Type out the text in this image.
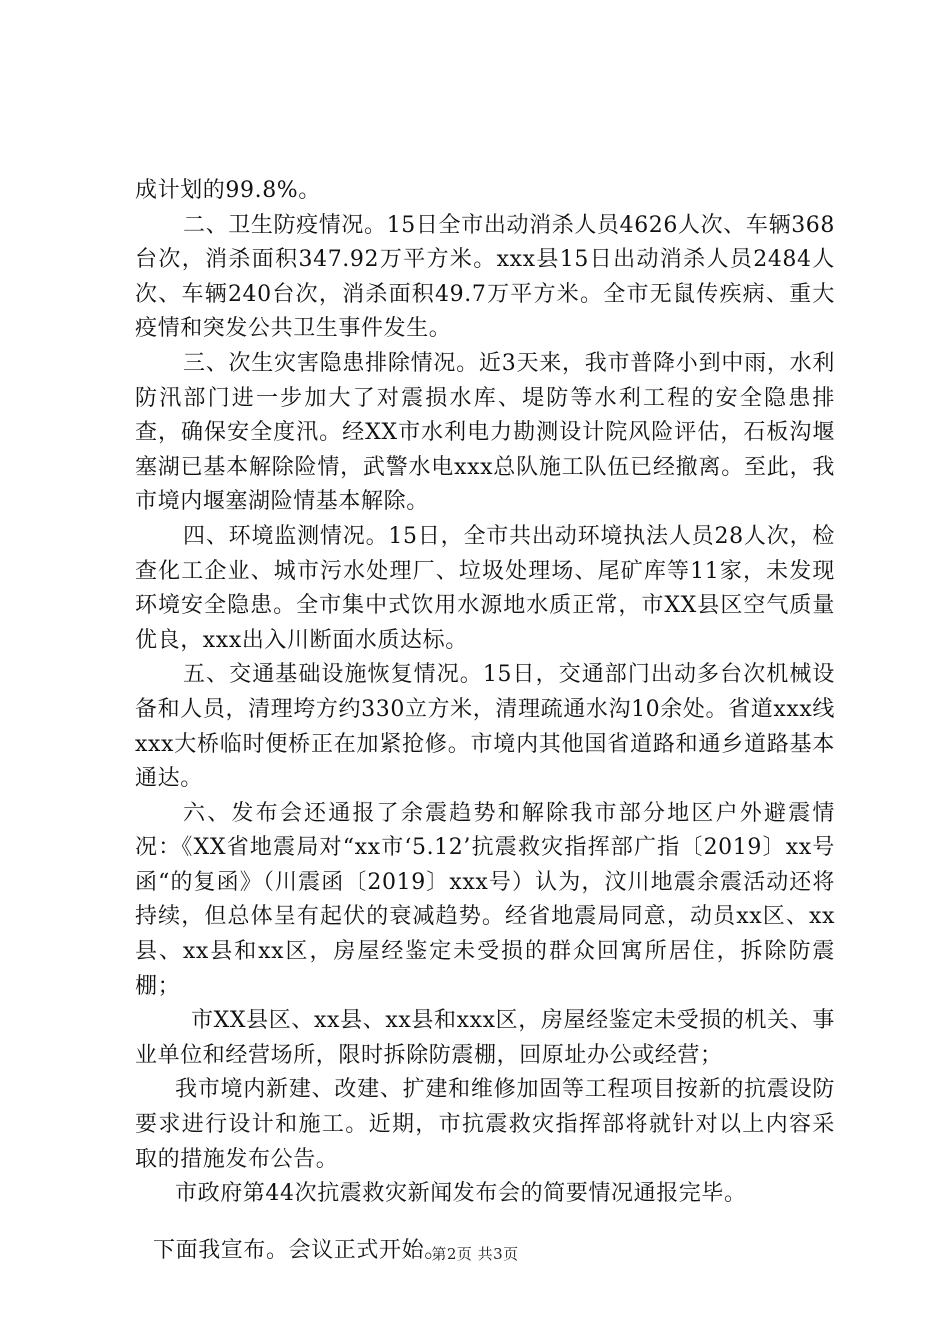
成计划的99.8%。

二、卫生防疫情况。15日全市出动消杀人员4626人次、车辆368台次，消杀面积347.92万平方米。xxx县15日出动消杀人员2484人次、车辆240台次，消杀面积49.7万平方米。全市无鼠传疾病、重大疫情和突发公共卫生事件发生。

三、次生灾害隐患排除情况。近3天来，我市普降小到中雨，水利防汛部门进一步加大了对震损水库、堤防等水利工程的安全隐患排查，确保安全度汛。经XX市水利电力勘测设计院风险评估，石板沟堰塞湖已基本解除险情，武警水电xxx总队施工队伍已经撤离。至此，我市境内堰塞湖险情基本解除。

四、环境监测情况。15日，全市共出动环境执法人员28人次，检查化工企业、城市污水处理厂、垃圾处理场、尾矿库等11家，未发现环境安全隐患。全市集中式饮用水源地水质正常，市XX县区空气质量优良，xxx出入川断面水质达标。

五、交通基础设施恢复情况。15日，交通部门出动多台次机械设备和人员，清理垮方约330立方米，清理疏通水沟10余处。省道xxx线xxx大桥临时便桥正在加紧抢修。市境内其他国省道路和通乡道路基本通达。

六、发布会还通报了余震趋势和解除我市部分地区户外避震情况：《XX省地震局对“xx市‘5.12’抗震救灾指挥部广指〔2019〕xx号函“的复函》（川震函〔2019〕xxx号）认为，汶川地震余震活动还将持续，但总体呈有起伏的衰减趋势。经省地震局同意，动员xx区、xx县、xx县和xx区，房屋经鉴定未受损的群众回寓所居住，拆除防震棚；

市XX县区、xx县、xx县和xxx区，房屋经鉴定未受损的机关、事业单位和经营场所，限时拆除防震棚，回原址办公或经营；

我市境内新建、改建、扩建和维修加固等工程项目按新的抗震设防要求进行设计和施工。近期，市抗震救灾指挥部将就针对以上内容采取的措施发布公告。

市政府第44次抗震救灾新闻发布会的简要情况通报完毕。

下面我宣布。会议正式开始。

第2页 共3页
